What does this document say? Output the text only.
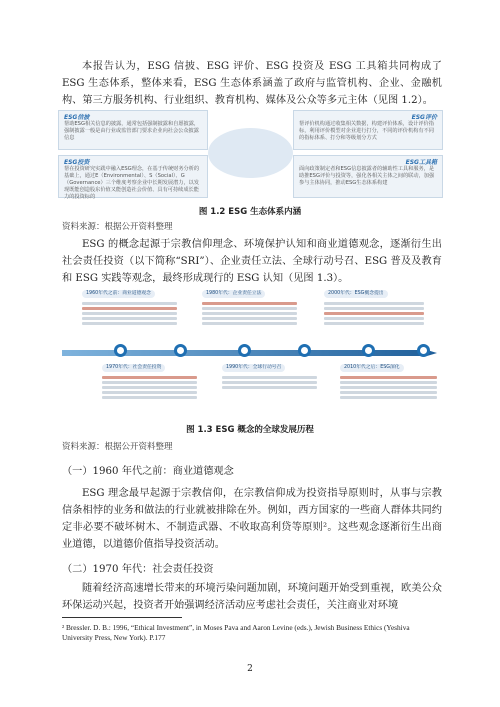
本报告认为，ESG 信披、ESG 评价、ESG 投资及 ESG 工具箱共同构成了 ESG 生态体系，整体来看，ESG 生态体系涵盖了政府与监管机构、企业、金融机构、第三方服务机构、行业组织、教育机构、媒体及公众等多元主体（见图 1.2）。

ESG信披
帮助ESG相关信息的披露，通常包括强制披露和自愿披露，强制披露一般是由行业或监管部门要求企业向社会公众披露信息
ESG评价
帮评价机构通过收集相关数据，构建评价体系，设计评价指标，利用评价模型对企业进行打分，不同的评价机构有不同的指标体系、打分和等级划分方式
ESG投资
帮在投资研究实践中融入ESG理念，在基于传统财务分析的基础上，通过E（Environmental）、S（Social）、G（Governance）三个维度考察企业中长期发展潜力，以发现既能创造股东价值又能创造社会价值、具有可持续成长能力的投资标的
ESG工具箱
面向政策制定者和ESG信息披露者的辅助性工具和服务，是助推ESG评价与投资等，强化各相关主体之间的联动，加强参与主体协同，推动ESG生态体系构建
图 1.2 ESG 生态体系内涵
资料来源：根据公开资料整理

ESG 的概念起源于宗教信仰理念、环境保护认知和商业道德观念，逐渐衍生出社会责任投资（以下简称“SRI”）、企业责任立法、全球行动号召、ESG 普及及教育和 ESG 实践等观念，最终形成现行的 ESG 认知（见图 1.3）。

1960年代之前：商业道德观念	1980年代：企业责任立法	2000年代：ESG概念提出
1970年代：社会责任投资	1990年代：全球行动号召	2010年代之后：ESG深化
图 1.3 ESG 概念的全球发展历程
资料来源：根据公开资料整理
（一）1960 年代之前：商业道德观念

ESG 理念最早起源于宗教信仰，在宗教信仰成为投资指导原则时，从事与宗教信条相悖的业务和做法的行业就被排除在外。例如，西方国家的一些商人群体共同约定非必要不破坏树木、不制造武器、不收取高利贷等原则²。这些观念逐渐衍生出商业道德，以道德价值指导投资活动。

（二）1970 年代：社会责任投资

随着经济高速增长带来的环境污染问题加剧，环境问题开始受到重视，欧美公众环保运动兴起，投资者开始强调经济活动应考虑社会责任，关注商业对环境

² Bressler. D. B.: 1996, “Ethical Investment”, in Moses Pava and Aaron Levine (eds.), Jewish Business Ethics (Yeshiva University Press, New York). P.177
2
